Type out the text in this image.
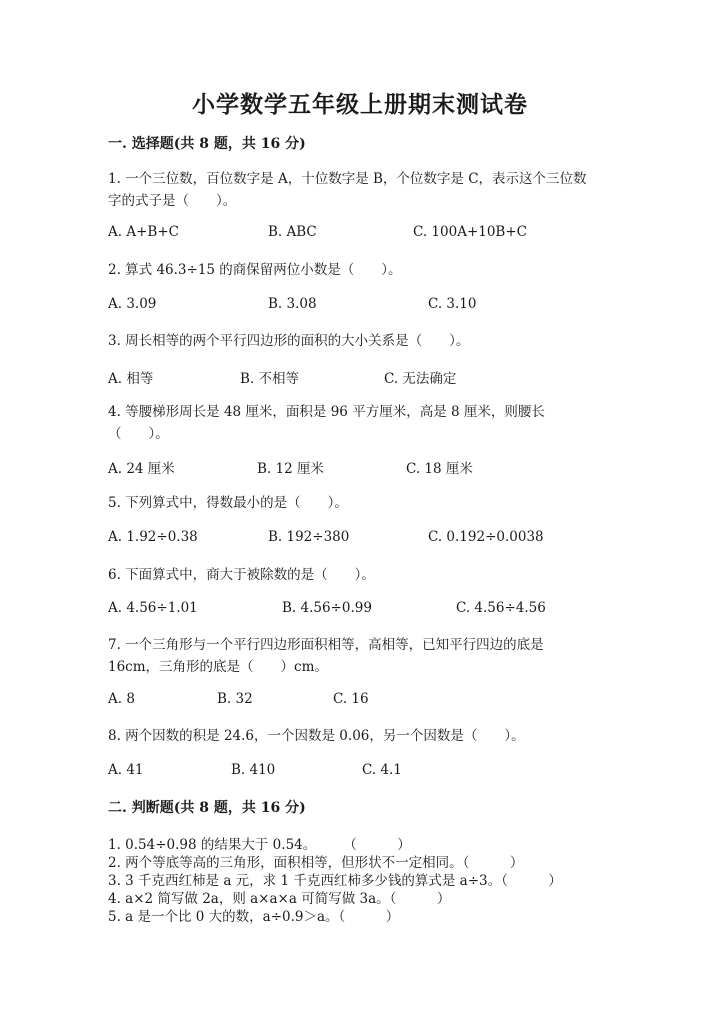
小学数学五年级上册期末测试卷
一. 选择题(共 8 题，共 16 分)
1. 一个三位数，百位数字是 A，十位数字是 B，个位数字是 C，表示这个三位数
字的式子是（　　）。
A. A+B+C	B. ABC	C. 100A+10B+C
2. 算式 46.3÷15 的商保留两位小数是（　　）。
A. 3.09	B. 3.08	C. 3.10
3. 周长相等的两个平行四边形的面积的大小关系是（　　）。
A. 相等	B. 不相等	C. 无法确定
4. 等腰梯形周长是 48 厘米，面积是 96 平方厘米，高是 8 厘米，则腰长
（　　）。
A. 24 厘米	B. 12 厘米	C. 18 厘米
5. 下列算式中，得数最小的是（　　）。
A. 1.92÷0.38	B. 192÷380	C. 0.192÷0.0038
6. 下面算式中，商大于被除数的是（　　）。
A. 4.56÷1.01	B. 4.56÷0.99	C. 4.56÷4.56
7. 一个三角形与一个平行四边形面积相等，高相等，已知平行四边的底是
16cm，三角形的底是（　　）cm。
A. 8	B. 32	C. 16
8. 两个因数的积是 24.6，一个因数是 0.06，另一个因数是（　　）。
A. 41	B. 410	C. 4.1
二. 判断题(共 8 题，共 16 分)
1. 0.54÷0.98 的结果大于 0.54。　　　（　　　）
2. 两个等底等高的三角形，面积相等，但形状不一定相同。（　　　）
3. 3 千克西红柿是 a 元，求 1 千克西红柿多少钱的算式是 a÷3。（　　　）
4. a×2 简写做 2a，则 a×a×a 可简写做 3a。（　　　）
5. a 是一个比 0 大的数，a÷0.9＞a。（　　　）
